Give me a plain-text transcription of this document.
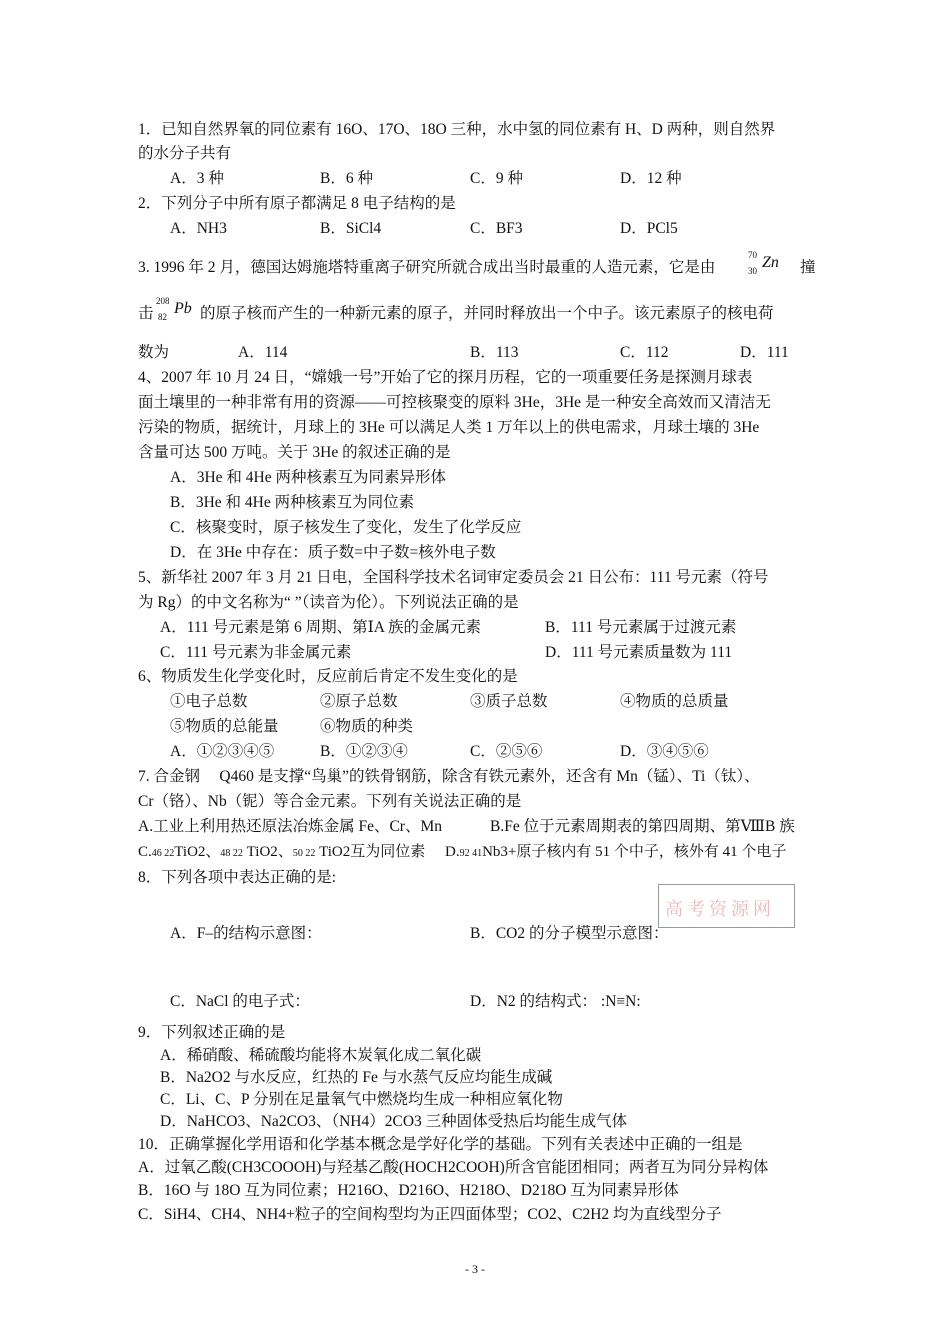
1．已知自然界氧的同位素有 16O、17O、18O 三种，水中氢的同位素有 H、D 两种，则自然界
的水分子共有
A．3 种	B．6 种	C．9 种	D．12 种
2．下列分子中所有原子都满足 8 电子结构的是
A．NH3	B．SiCl4	C．BF3	D．PCl5
3. 1996 年 2 月，德国达姆施塔特重离子研究所就合成出当时最重的人造元素，它是由
70
30 Zn 撞
击
208
82 Pb 的原子核而产生的一种新元素的原子，并同时释放出一个中子。该元素原子的核电荷
数为	A．114	B．113	C．112	D．111
4、2007 年 10 月 24 日，“嫦娥一号”开始了它的探月历程，它的一项重要任务是探测月球表
面土壤里的一种非常有用的资源——可控核聚变的原料 3He，3He 是一种安全高效而又清洁无
污染的物质，据统计，月球上的 3He 可以满足人类 1 万年以上的供电需求，月球土壤的 3He
含量可达 500 万吨。关于 3He 的叙述正确的是
A．3He 和 4He 两种核素互为同素异形体
B．3He 和 4He 两种核素互为同位素
C．核聚变时，原子核发生了变化，发生了化学反应
D．在 3He 中存在：质子数=中子数=核外电子数
5、新华社 2007 年 3 月 21 日电，全国科学技术名词审定委员会 21 日公布：111 号元素（符号
为 Rg）的中文名称为“ ”（读音为伦）。下列说法正确的是
A．111 号元素是第 6 周期、第ⅠA 族的金属元素	B．111 号元素属于过渡元素
C．111 号元素为非金属元素	D．111 号元素质量数为 111
6、物质发生化学变化时，反应前后肯定不发生变化的是
①电子总数	②原子总数	③质子总数	④物质的总质量
⑤物质的总能量	⑥物质的种类
A．①②③④⑤	B．①②③④	C．②⑤⑥	D．③④⑤⑥
7. 合金钢　 Q460 是支撑“鸟巢”的铁骨钢筋，除含有铁元素外，还含有 Mn（锰）、Ti（钛）、
Cr（铬）、Nb（铌）等合金元素。下列有关说法正确的是
A.工业上利用热还原法冶炼金属 Fe、Cr、Mn	B.Fe 位于元素周期表的第四周期、第ⅧB 族
C.46 22TiO2、48 22 TiO2、50 22 TiO2互为同位素 D.92 41Nb3+原子核内有 51 个中子，核外有 41 个电子
8．下列各项中表达正确的是:
高考资源网
A．F–的结构示意图：	B．CO2 的分子模型示意图：
C．NaCl 的电子式：	D．N2 的结构式： :N≡N:
9．下列叙述正确的是
A．稀硝酸、稀硫酸均能将木炭氧化成二氧化碳
B．Na2O2 与水反应，红热的 Fe 与水蒸气反应均能生成碱
C．Li、C、P 分别在足量氧气中燃烧均生成一种相应氧化物
D．NaHCO3、Na2CO3、（NH4）2CO3 三种固体受热后均能生成气体
10．正确掌握化学用语和化学基本概念是学好化学的基础。下列有关表述中正确的一组是
A．过氧乙酸(CH3COOOH)与羟基乙酸(HOCH2COOH)所含官能团相同；两者互为同分异构体
B．16O 与 18O 互为同位素；H216O、D216O、H218O、D218O 互为同素异形体
C．SiH4、CH4、NH4+粒子的空间构型均为正四面体型；CO2、C2H2 均为直线型分子
- 3 -
